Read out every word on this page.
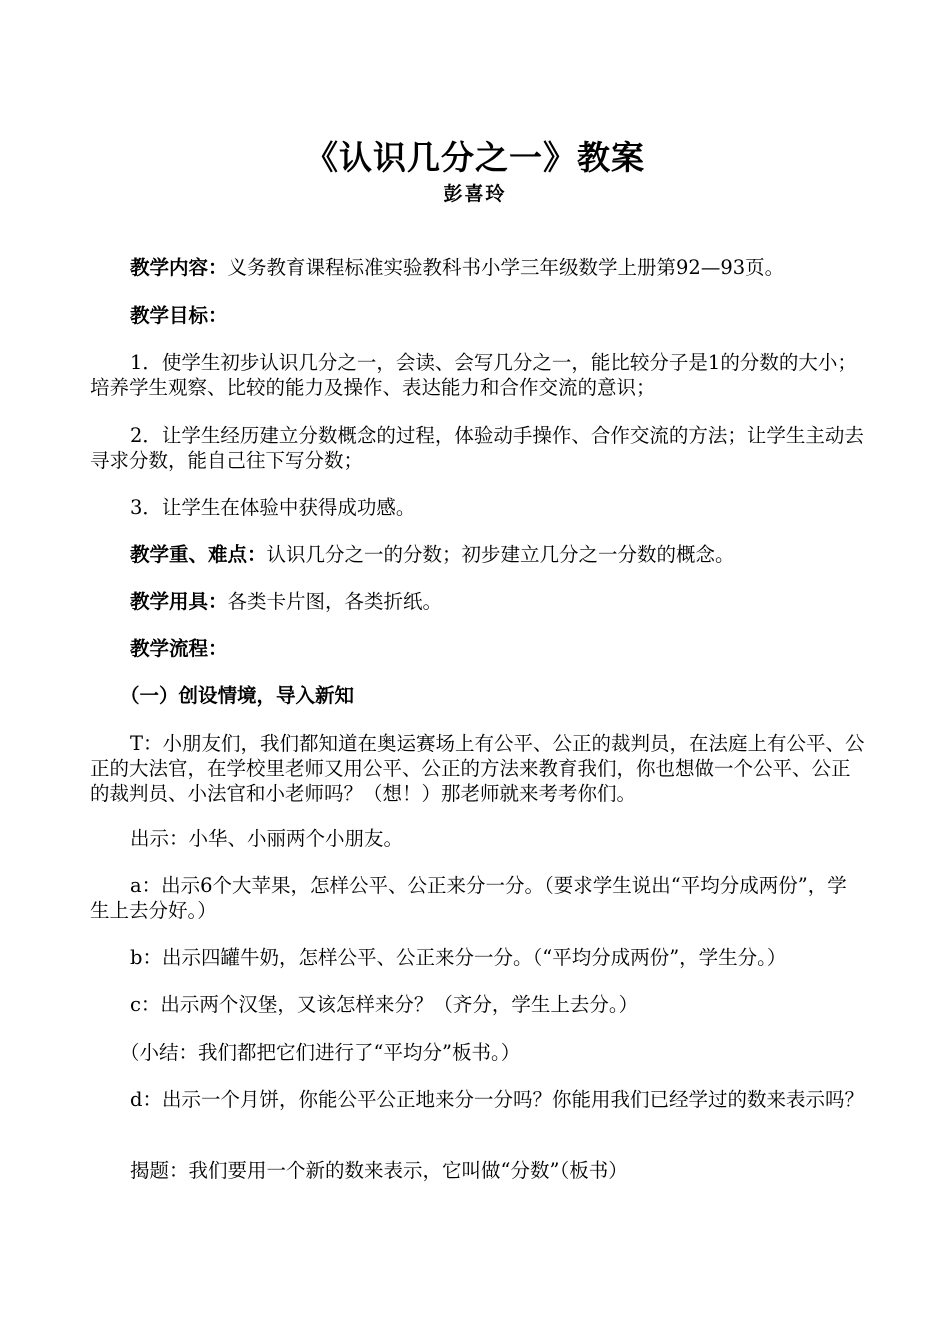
《认识几分之一》教案
彭喜玲
教学内容：义务教育课程标准实验教科书小学三年级数学上册第92—93页。
教学目标：
1．使学生初步认识几分之一，会读、会写几分之一，能比较分子是1的分数的大小；培养学生观察、比较的能力及操作、表达能力和合作交流的意识；
2．让学生经历建立分数概念的过程，体验动手操作、合作交流的方法；让学生主动去寻求分数，能自己往下写分数；
3．让学生在体验中获得成功感。
教学重、难点：认识几分之一的分数；初步建立几分之一分数的概念。
教学用具：各类卡片图，各类折纸。
教学流程：
（一）创设情境，导入新知
T：小朋友们，我们都知道在奥运赛场上有公平、公正的裁判员，在法庭上有公平、公正的大法官，在学校里老师又用公平、公正的方法来教育我们，你也想做一个公平、公正的裁判员、小法官和小老师吗？（想！）那老师就来考考你们。
出示：小华、小丽两个小朋友。
a：出示6个大苹果，怎样公平、公正来分一分。（要求学生说出“平均分成两份”，学生上去分好。）
b：出示四罐牛奶，怎样公平、公正来分一分。（“平均分成两份”，学生分。）
c：出示两个汉堡，又该怎样来分？（齐分，学生上去分。）
（小结：我们都把它们进行了“平均分”板书。）
d：出示一个月饼，你能公平公正地来分一分吗？你能用我们已经学过的数来表示吗？
揭题：我们要用一个新的数来表示，它叫做“分数”（板书）
